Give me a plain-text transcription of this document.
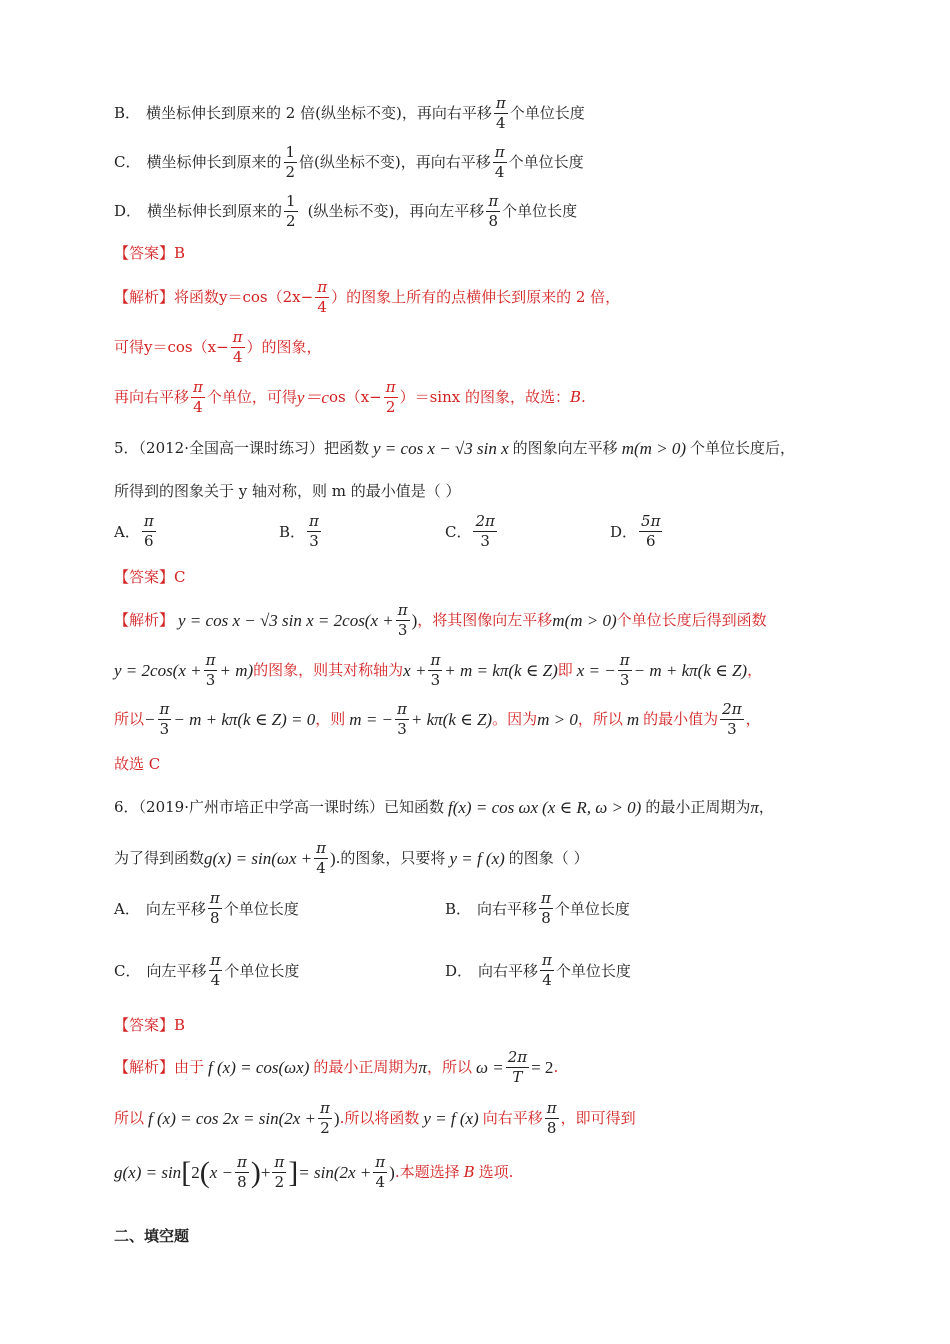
B． 横坐标伸长到原来的 2 倍(纵坐标不变)，再向右平移 $\frac{\pi}{4}$ 个单位长度
C． 横坐标伸长到原来的 $\frac{1}{2}$ 倍(纵坐标不变)，再向右平移 $\frac{\pi}{4}$ 个单位长度
D． 横坐标伸长到原来的 $\frac{1}{2}$ (纵坐标不变)，再向左平移 $\frac{\pi}{8}$ 个单位长度
【答案】B
【解析】 将函数 $y=\cos(2x- \frac{\pi}{4}$ ）的图象上所有的点横伸长到原来的 2 倍，
可得 $y=\cos(x- \frac{\pi}{4}$ ）的图象，
再向右平移 $\frac{\pi}{4}$ 个单位，可得 y＝c $os(x- \frac{\pi}{2} )=\sin x$ 的图象，故选： B.
5．（2012·全国高一课时练习）把函数 y = cos x − √3 sin x 的图象向左平移 m(m > 0) 个单位长度后，
所得到的图象关于 y 轴对称，则 m 的最小值是（ ）
A． $\frac{\pi}{6}$	B． $\frac{\pi}{3}$	C． $\frac{2\pi}{3}$	D． $\frac{5\pi}{6}$
【答案】C
【解析】 y = cos x − √3 $\sin x = 2\cos(x + \frac{\pi}{3}$ ) ，将其图像向左平移 m(m > 0) 个单位长度后得到函数
$y = 2\cos(x + \frac{\pi}{3} + m)$ 的图象，则其对称轴为 $x + \frac{\pi}{3} + m = k\pi(k$ ∈ Z) 即 x = − $\frac{\pi}{3} - m + k\pi(k$ ∈ Z) ，
所以 − $\frac{\pi}{3} - m + k\pi(k$ ∈ Z) = 0 ，则 m = − $\frac{\pi}{3} + k\pi(k$ ∈ Z) 。因为 m > 0 ，所以 m 的最小值为 $\frac{2\pi}{3}$ ，
故选 C
6．（2019·广州市培正中学高一课时练）已知函数 f(x) = cos ωx (x ∈ R, ω > 0) 的最小正周期为 π ，
为了得到函数 $g(x) = \sin(\omega x + \frac{\pi}{4}$ ) .的图象，只要将 y = f (x) 的图象（ ）
A． 向左平移 $\frac{\pi}{8}$ 个单位长度	B． 向右平移 $\frac{\pi}{8}$ 个单位长度
C． 向左平移 $\frac{\pi}{4}$ 个单位长度	D． 向右平移 $\frac{\pi}{4}$ 个单位长度
【答案】B
【解析】 由于 f (x) = cos(ωx) 的最小正周期为 π ，所以 $\omega = \frac{2\pi}{T} = 2$ .
所以 f $(x) = \cos 2x = \sin(2x + \frac{\pi}{2}$ ) .所以将函数 y = f (x) 向右平移 $\frac{\pi}{8}$ ，即可得到
g(x) = sin [ 2 ( $x - \frac{\pi}{8}$ ) + $\frac{\pi}{2}$ ] = $\sin(2x + \frac{\pi}{4}$ ) .本题选择 B 选项.
二、填空题
